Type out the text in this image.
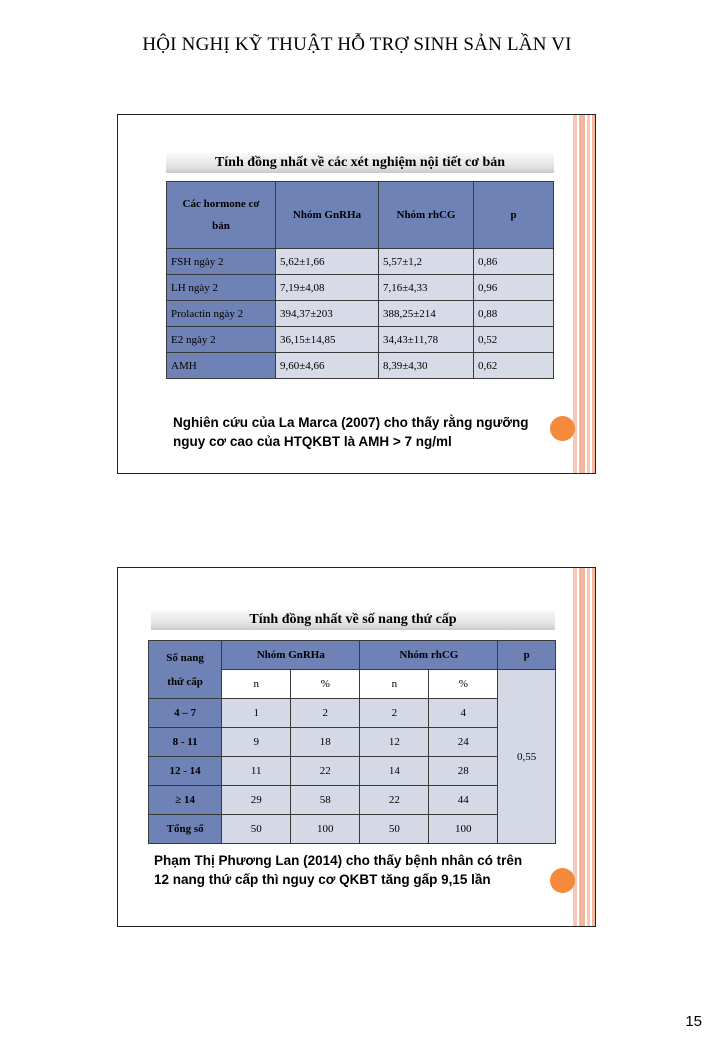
HỘI NGHỊ KỸ THUẬT HỖ TRỢ SINH SẢN LẦN VI
Tính đồng nhất về các xét nghiệm nội tiết cơ bản
Các hormone cơ bản	Nhóm GnRHa	Nhóm rhCG	p
FSH ngày 2	5,62±1,66	5,57±1,2	0,86
LH ngày 2	7,19±4,08	7,16±4,33	0,96
Prolactin ngày 2	394,37±203	388,25±214	0,88
E2 ngày 2	36,15±14,85	34,43±11,78	0,52
AMH	9,60±4,66	8,39±4,30	0,62
Nghiên cứu của La Marca (2007) cho thấy rằng ngưỡng
nguy cơ cao của HTQKBT là AMH > 7 ng/ml
Tính đồng nhất về số nang thứ cấp
Số nang
thứ cấp	Nhóm GnRHa		Nhóm rhCG		p
	n	%	n	%	0,55
4 – 7	1	2	2	4	
8 - 11	9	18	12	24	
12 - 14	11	22	14	28	
≥ 14	29	58	22	44	
Tổng số	50	100	50	100	
Phạm Thị Phương Lan (2014) cho thấy bệnh nhân có trên
12 nang thứ cấp thì nguy cơ QKBT tăng gấp 9,15 lần
15
